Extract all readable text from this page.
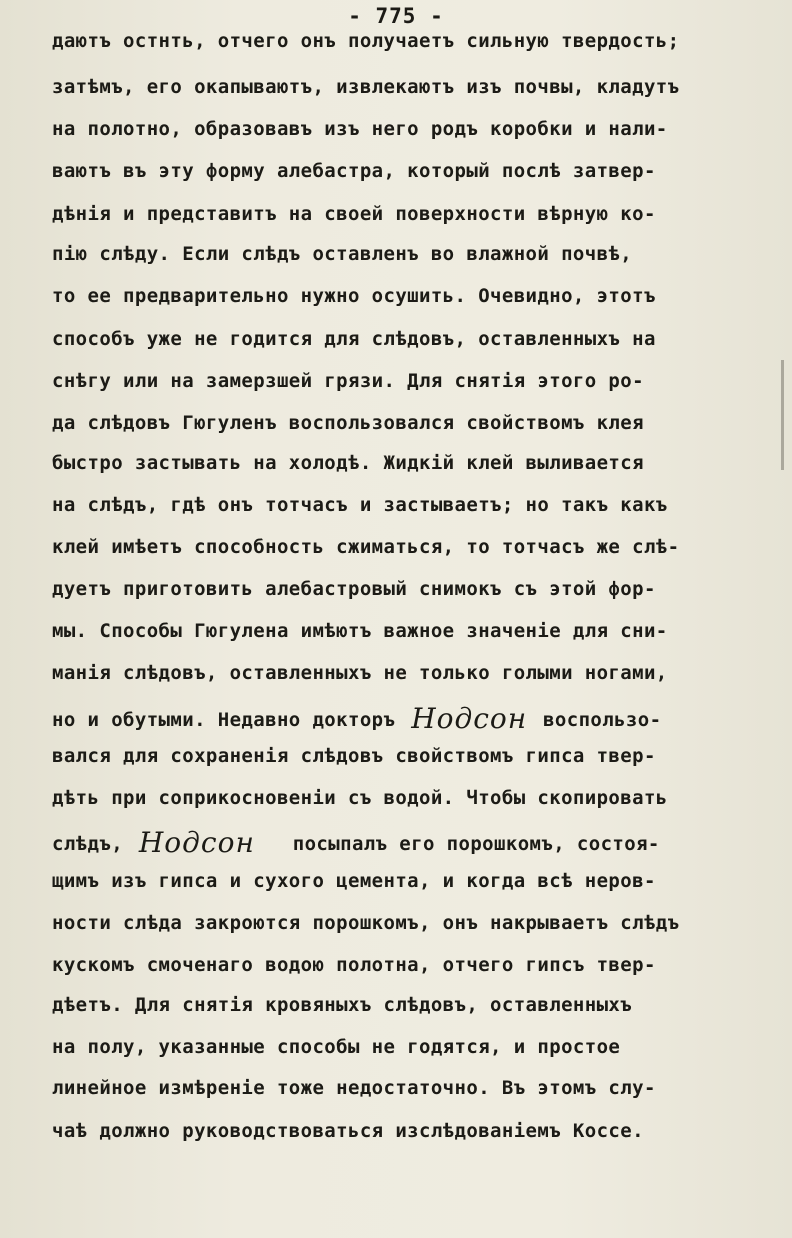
- 775 -
даютъ остнть, отчего онъ получаетъ сильную твердость;
затѣмъ, его окапываютъ, извлекаютъ изъ почвы, кладутъ
на полотно, образовавъ изъ него родъ коробки и нали-
ваютъ въ эту форму алебастра, который послѣ затвер-
дѣнія и представитъ на своей поверхности вѣрную ко-
пію слѣду. Если слѣдъ оставленъ во влажной почвѣ,
то ее предварительно нужно осушить. Очевидно, этотъ
способъ уже не годится для слѣдовъ, оставленныхъ на
снѣгу или на замерзшей грязи. Для снятія этого ро-
да слѣдовъ Гюгуленъ воспользовался свойствомъ клея
быстро застывать на холодѣ. Жидкій клей выливается
на слѣдъ, гдѣ онъ тотчасъ и застываетъ; но такъ какъ
клей имѣетъ способность сжиматься, то тотчасъ же слѣ-
дуетъ приготовить алебастровый снимокъ съ этой фор-
мы. Способы Гюгулена имѣютъ важное значеніе для сни-
манія слѣдовъ, оставленныхъ не только голыми ногами,
но и обутыми. Недавно докторъ Нодсон воспользо-
вался для сохраненія слѣдовъ свойствомъ гипса твер-
дѣть при соприкосновеніи съ водой. Чтобы скопировать
слѣдъ, Нодсон посыпалъ его порошкомъ, состоя-
щимъ изъ гипса и сухого цемента, и когда всѣ неров-
ности слѣда закроются порошкомъ, онъ накрываетъ слѣдъ
кускомъ смоченаго водою полотна, отчего гипсъ твер-
дѣетъ. Для снятія кровяныхъ слѣдовъ, оставленныхъ
на полу, указанные способы не годятся, и простое
линейное измѣреніе тоже недостаточно. Въ этомъ слу-
чаѣ должно руководствоваться изслѣдованіемъ Коссе.
